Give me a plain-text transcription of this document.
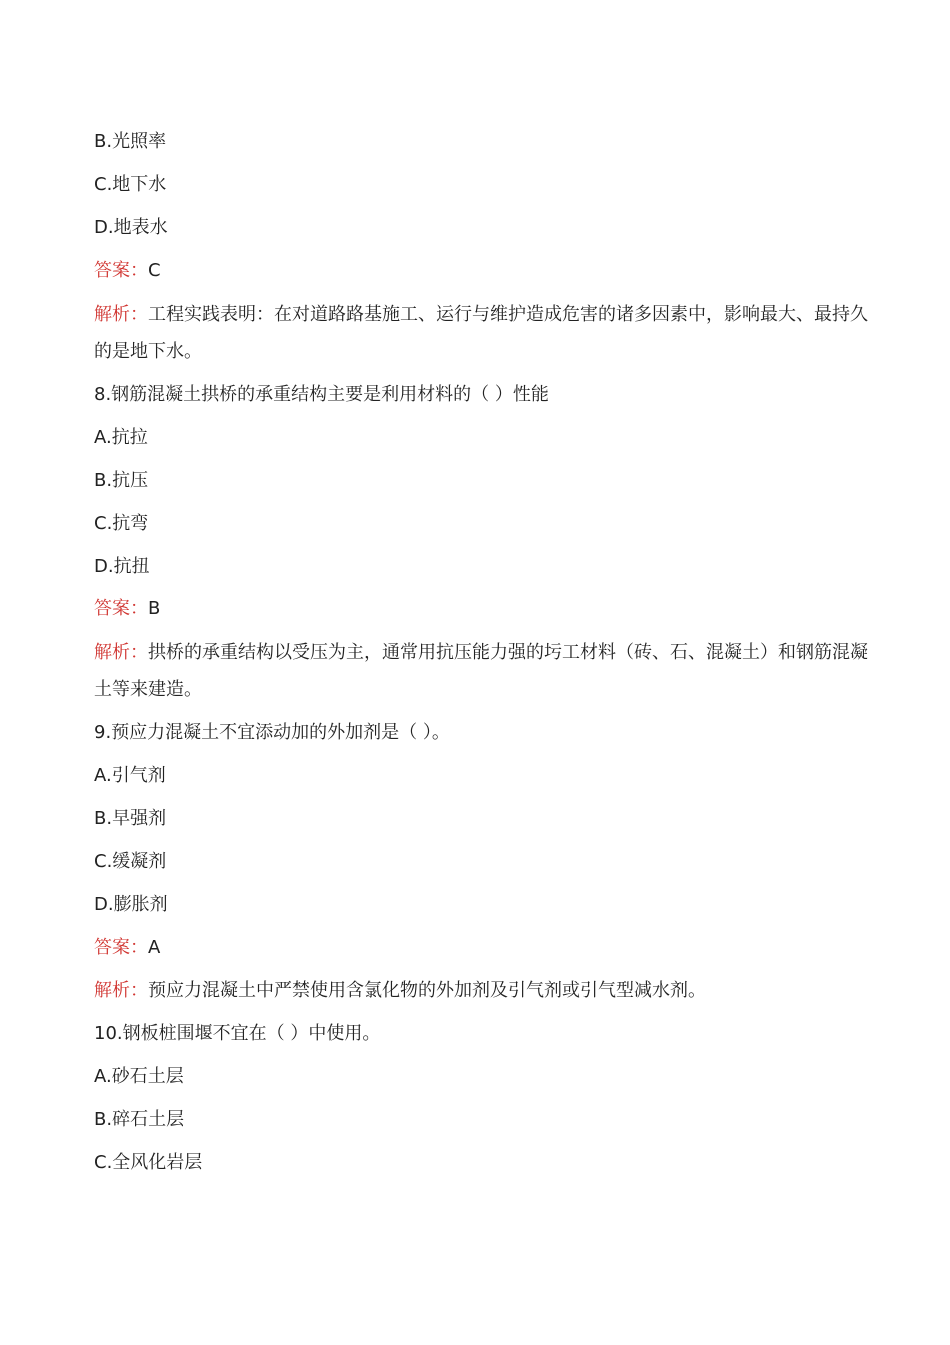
B.光照率
C.地下水
D.地表水
答案：C
解析：工程实践表明：在对道路路基施工、运行与维护造成危害的诸多因素中，影响最大、最持久的是地下水。
8.钢筋混凝土拱桥的承重结构主要是利用材料的（ ）性能
A.抗拉
B.抗压
C.抗弯
D.抗扭
答案：B
解析：拱桥的承重结构以受压为主，通常用抗压能力强的圬工材料（砖、石、混凝土）和钢筋混凝土等来建造。
9.预应力混凝土不宜添动加的外加剂是（ ）。
A.引气剂
B.早强剂
C.缓凝剂
D.膨胀剂
答案：A
解析：预应力混凝土中严禁使用含氯化物的外加剂及引气剂或引气型减水剂。
10.钢板桩围堰不宜在（ ）中使用。
A.砂石土层
B.碎石土层
C.全风化岩层
